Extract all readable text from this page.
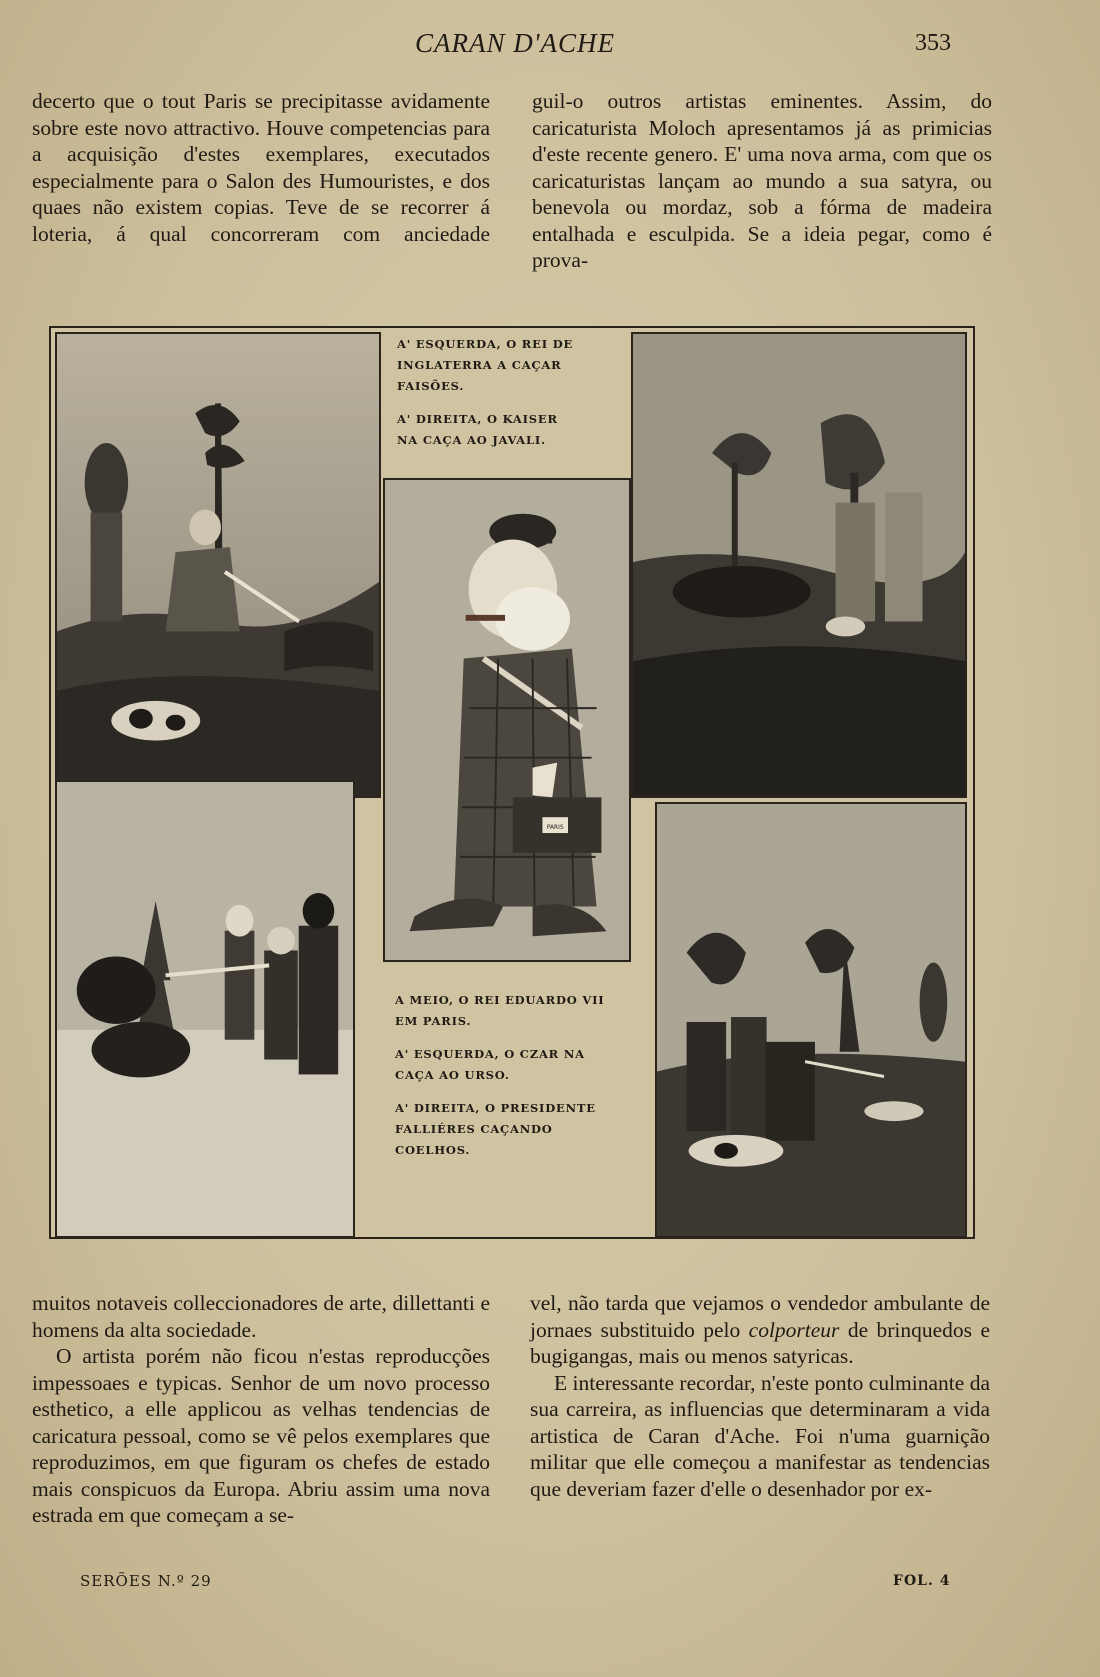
CARAN D'ACHE	353

decerto que o tout Paris se precipitasse avidamente sobre este novo attractivo. Houve competencias para a acquisição d'estes exemplares, executados especialmente para o Salon des Humouristes, e dos quaes não existem copias. Teve de se recorrer á loteria, á qual concorreram com anciedade

guil-o outros artistas eminentes. Assim, do caricaturista Moloch apresentamos já as primicias d'este recente genero. E' uma nova arma, com que os caricaturistas lançam ao mundo a sua satyra, ou benevola ou mordaz, sob a fórma de madeira entalhada e esculpida. Se a ideia pegar, como é prova-

A' ESQUERDA, O REI DE INGLATERRA A CAÇAR FAISÕES.

A' DIREITA, O KAISER NA CAÇA AO JAVALI.

PARIS

A MEIO, O REI EDUARDO VII EM PARIS.

A' ESQUERDA, O CZAR NA CAÇA AO URSO.

A' DIREITA, O PRESIDENTE FALLIÉRES CAÇANDO COELHOS.

muitos notaveis colleccionadores de arte, dillettanti e homens da alta sociedade.

O artista porém não ficou n'estas reproducções impessoaes e typicas. Senhor de um novo processo esthetico, a elle applicou as velhas tendencias de caricatura pessoal, como se vê pelos exemplares que reproduzimos, em que figuram os chefes de estado mais conspicuos da Europa. Abriu assim uma nova estrada em que começam a se-

vel, não tarda que vejamos o vendedor ambulante de jornaes substituido pelo colporteur de brinquedos e bugigangas, mais ou menos satyricas.

E interessante recordar, n'este ponto culminante da sua carreira, as influencias que determinaram a vida artistica de Caran d'Ache. Foi n'uma guarnição militar que elle começou a manifestar as tendencias que deveriam fazer d'elle o desenhador por ex-

SERÕES N.º 29	FOL. 4
